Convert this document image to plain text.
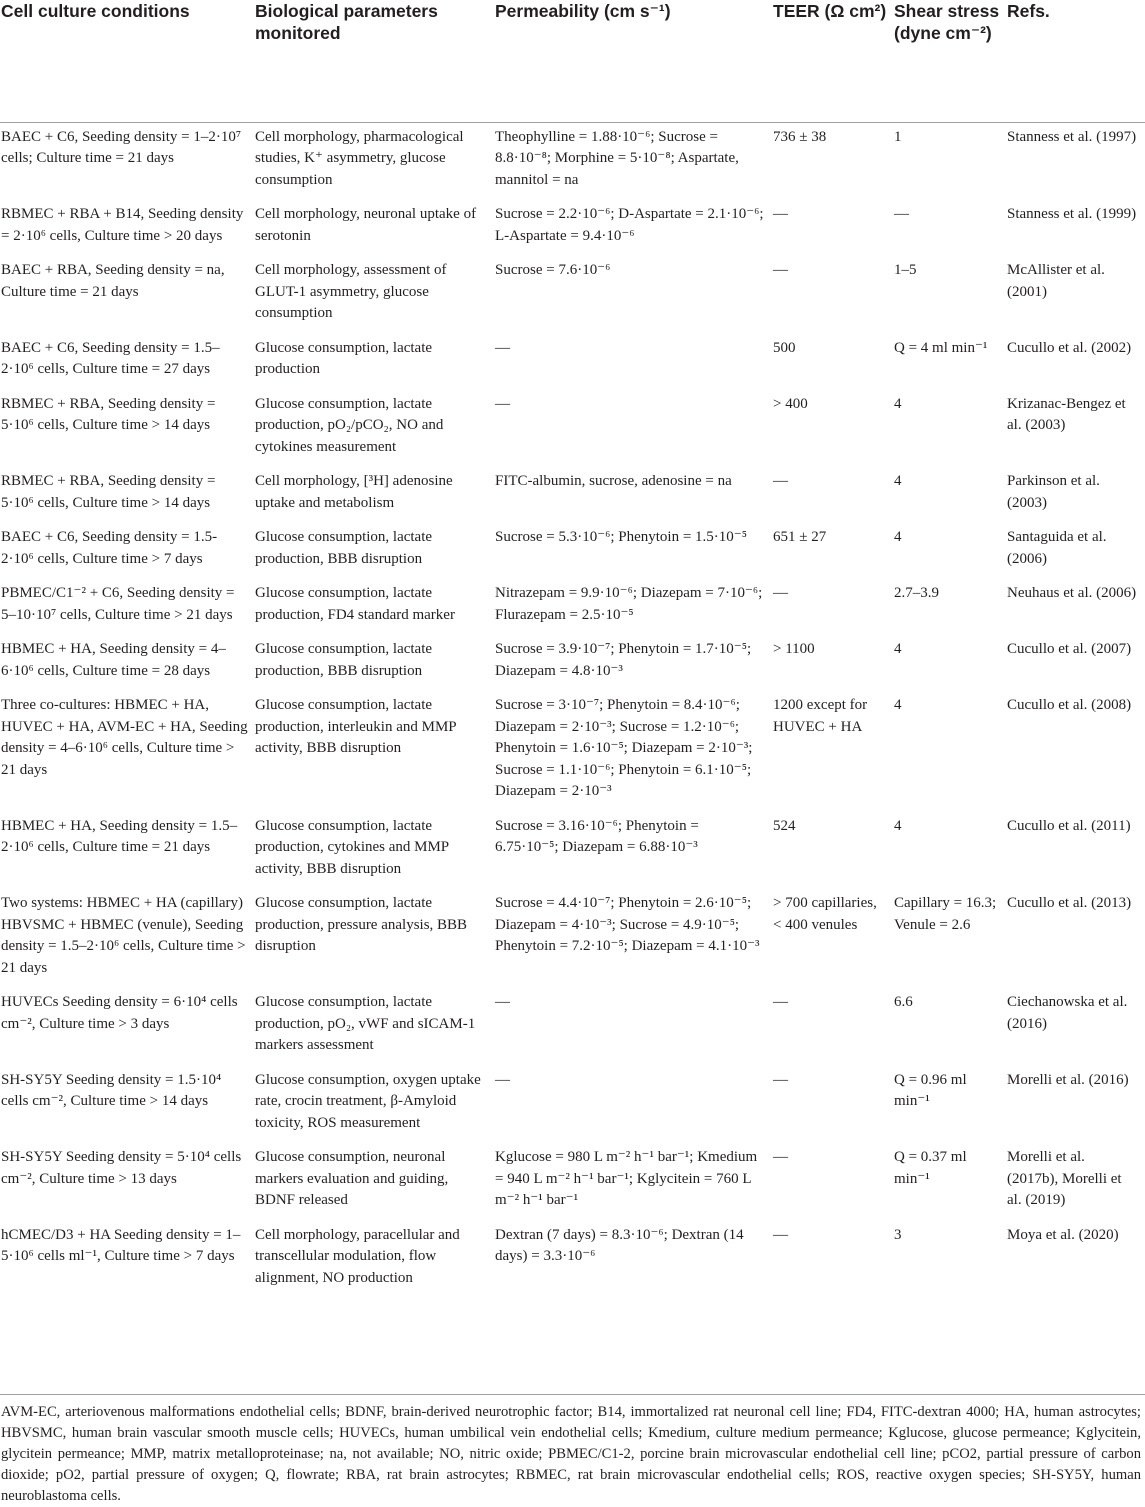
Cell culture conditions	Biological parameters monitored	Permeability (cm s⁻¹)	TEER (Ω cm²)	Shear stress (dyne cm⁻²)	Refs.
BAEC + C6, Seeding density = 1–2·10⁷ cells; Culture time = 21 days	Cell morphology, pharmacological studies, K⁺ asymmetry, glucose consumption	Theophylline = 1.88·10⁻⁶; Sucrose = 8.8·10⁻⁸; Morphine = 5·10⁻⁸; Aspartate, mannitol = na	736 ± 38	1	Stanness et al. (1997)
RBMEC + RBA + B14, Seeding density = 2·10⁶ cells, Culture time > 20 days	Cell morphology, neuronal uptake of serotonin	Sucrose = 2.2·10⁻⁶; D-Aspartate = 2.1·10⁻⁶; L-Aspartate = 9.4·10⁻⁶	—	—	Stanness et al. (1999)
BAEC + RBA, Seeding density = na, Culture time = 21 days	Cell morphology, assessment of GLUT-1 asymmetry, glucose consumption	Sucrose = 7.6·10⁻⁶	—	1–5	McAllister et al. (2001)
BAEC + C6, Seeding density = 1.5–2·10⁶ cells, Culture time = 27 days	Glucose consumption, lactate production	—	500	Q = 4 ml min⁻¹	Cucullo et al. (2002)
RBMEC + RBA, Seeding density = 5·10⁶ cells, Culture time > 14 days	Glucose consumption, lactate production, pO₂/pCO₂, NO and cytokines measurement	—	> 400	4	Krizanac-Bengez et al. (2003)
RBMEC + RBA, Seeding density = 5·10⁶ cells, Culture time > 14 days	Cell morphology, [³H] adenosine uptake and metabolism	FITC-albumin, sucrose, adenosine = na	—	4	Parkinson et al. (2003)
BAEC + C6, Seeding density = 1.5-2·10⁶ cells, Culture time > 7 days	Glucose consumption, lactate production, BBB disruption	Sucrose = 5.3·10⁻⁶; Phenytoin = 1.5·10⁻⁵	651 ± 27	4	Santaguida et al. (2006)
PBMEC/C1⁻² + C6, Seeding density = 5–10·10⁷ cells, Culture time > 21 days	Glucose consumption, lactate production, FD4 standard marker	Nitrazepam = 9.9·10⁻⁶; Diazepam = 7·10⁻⁶; Flurazepam = 2.5·10⁻⁵	—	2.7–3.9	Neuhaus et al. (2006)
HBMEC + HA, Seeding density = 4–6·10⁶ cells, Culture time = 28 days	Glucose consumption, lactate production, BBB disruption	Sucrose = 3.9·10⁻⁷; Phenytoin = 1.7·10⁻⁵; Diazepam = 4.8·10⁻³	> 1100	4	Cucullo et al. (2007)
Three co-cultures: HBMEC + HA, HUVEC + HA, AVM-EC + HA, Seeding density = 4–6·10⁶ cells, Culture time > 21 days	Glucose consumption, lactate production, interleukin and MMP activity, BBB disruption	Sucrose = 3·10⁻⁷; Phenytoin = 8.4·10⁻⁶; Diazepam = 2·10⁻³; Sucrose = 1.2·10⁻⁶; Phenytoin = 1.6·10⁻⁵; Diazepam = 2·10⁻³; Sucrose = 1.1·10⁻⁶; Phenytoin = 6.1·10⁻⁵; Diazepam = 2·10⁻³	1200 except for HUVEC + HA	4	Cucullo et al. (2008)
HBMEC + HA, Seeding density = 1.5–2·10⁶ cells, Culture time = 21 days	Glucose consumption, lactate production, cytokines and MMP activity, BBB disruption	Sucrose = 3.16·10⁻⁶; Phenytoin = 6.75·10⁻⁵; Diazepam = 6.88·10⁻³	524	4	Cucullo et al. (2011)
Two systems: HBMEC + HA (capillary) HBVSMC + HBMEC (venule), Seeding density = 1.5–2·10⁶ cells, Culture time > 21 days	Glucose consumption, lactate production, pressure analysis, BBB disruption	Sucrose = 4.4·10⁻⁷; Phenytoin = 2.6·10⁻⁵; Diazepam = 4·10⁻³; Sucrose = 4.9·10⁻⁵; Phenytoin = 7.2·10⁻⁵; Diazepam = 4.1·10⁻³	> 700 capillaries, < 400 venules	Capillary = 16.3; Venule = 2.6	Cucullo et al. (2013)
HUVECs Seeding density = 6·10⁴ cells cm⁻², Culture time > 3 days	Glucose consumption, lactate production, pO₂, vWF and sICAM-1 markers assessment	—	—	6.6	Ciechanowska et al. (2016)
SH-SY5Y Seeding density = 1.5·10⁴ cells cm⁻², Culture time > 14 days	Glucose consumption, oxygen uptake rate, crocin treatment, β-Amyloid toxicity, ROS measurement	—	—	Q = 0.96 ml min⁻¹	Morelli et al. (2016)
SH-SY5Y Seeding density = 5·10⁴ cells cm⁻², Culture time > 13 days	Glucose consumption, neuronal markers evaluation and guiding, BDNF released	Kglucose = 980 L m⁻² h⁻¹ bar⁻¹; Kmedium = 940 L m⁻² h⁻¹ bar⁻¹; Kglycitein = 760 L m⁻² h⁻¹ bar⁻¹	—	Q = 0.37 ml min⁻¹	Morelli et al. (2017b), Morelli et al. (2019)
hCMEC/D3 + HA Seeding density = 1–5·10⁶ cells ml⁻¹, Culture time > 7 days	Cell morphology, paracellular and transcellular modulation, flow alignment, NO production	Dextran (7 days) = 8.3·10⁻⁶; Dextran (14 days) = 3.3·10⁻⁶	—	3	Moya et al. (2020)

AVM-EC, arteriovenous malformations endothelial cells; BDNF, brain-derived neurotrophic factor; B14, immortalized rat neuronal cell line; FD4, FITC-dextran 4000; HA, human astrocytes; HBVSMC, human brain vascular smooth muscle cells; HUVECs, human umbilical vein endothelial cells; Kmedium, culture medium permeance; Kglucose, glucose permeance; Kglycitein, glycitein permeance; MMP, matrix metalloproteinase; na, not available; NO, nitric oxide; PBMEC/C1-2, porcine brain microvascular endothelial cell line; pCO2, partial pressure of carbon dioxide; pO2, partial pressure of oxygen; Q, flowrate; RBA, rat brain astrocytes; RBMEC, rat brain microvascular endothelial cells; ROS, reactive oxygen species; SH-SY5Y, human neuroblastoma cells.
